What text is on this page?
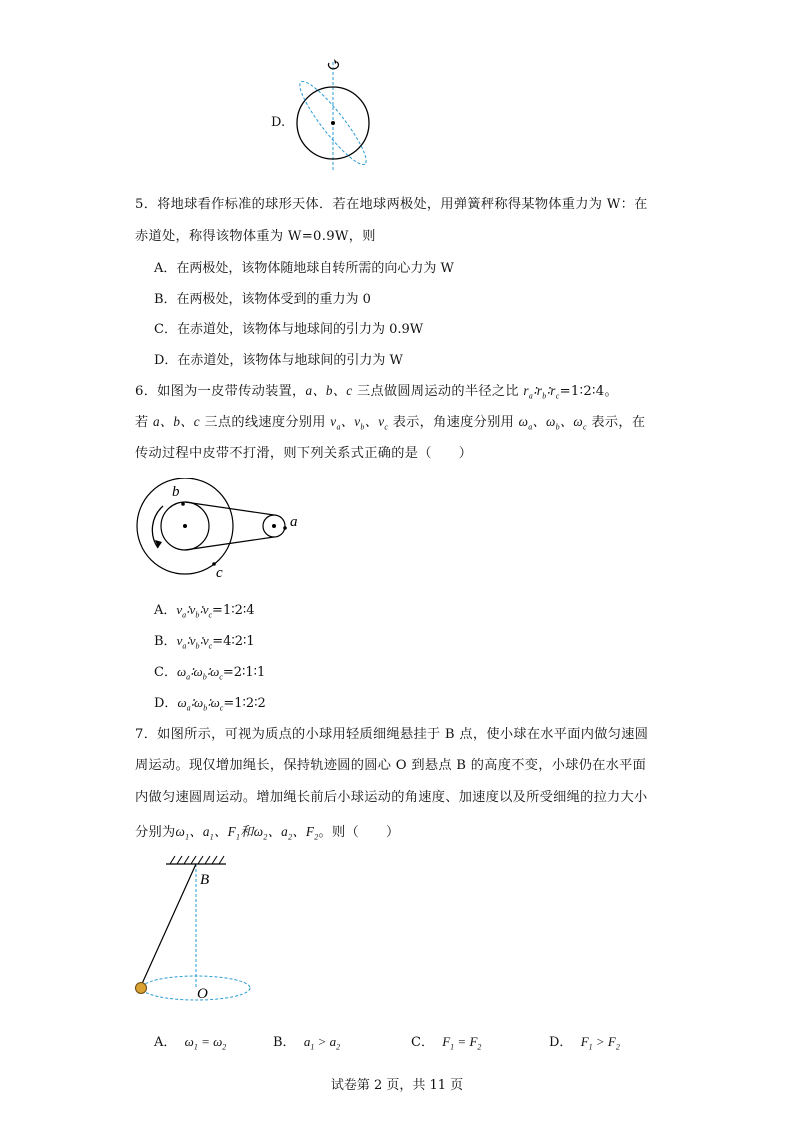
D.
5．将地球看作标准的球形天体．若在地球两极处，用弹簧秤称得某物体重力为 W：在
赤道处，称得该物体重为 W=0.9W，则
A．在两极处，该物体随地球自转所需的向心力为 W
B．在两极处，该物体受到的重力为 0
C．在赤道处，该物体与地球间的引力为 0.9W
D．在赤道处，该物体与地球间的引力为 W
6．如图为一皮带传动装置，a、b、c 三点做圆周运动的半径之比 $r_a∶r_b∶r_c=1∶2∶4$。
若 a、b、c 三点的线速度分别用 $v_a$、$v_b$、$v_c$ 表示，角速度分别用 $\omega_a$、$\omega_b$、$\omega_c$ 表示，在
传动过程中皮带不打滑，则下列关系式正确的是（　　）
b
a
c
A．$v_a∶v_b∶v_c=1∶2∶4$
B．$v_a∶v_b∶v_c=4∶2∶1$
C．$\omega_a∶\omega_b∶\omega_c=2∶1∶1$
D．$\omega_a∶\omega_b∶\omega_c=1∶2∶2$
7．如图所示，可视为质点的小球用轻质细绳悬挂于 B 点，使小球在水平面内做匀速圆
周运动。现仅增加绳长，保持轨迹圆的圆心 O 到悬点 B 的高度不变，小球仍在水平面
内做匀速圆周运动。增加绳长前后小球运动的角速度、加速度以及所受细绳的拉力大小
分别为$\omega_1$、$a_1$、$F_1$和$\omega_2$、$a_2$、$F_2$。则（　　）
B
O
A． $\omega_1 = \omega_2$	B． $a_1 > a_2$	C． $F_1 = F_2$	D． $F_1 > F_2$
试卷第 2 页，共 11 页
